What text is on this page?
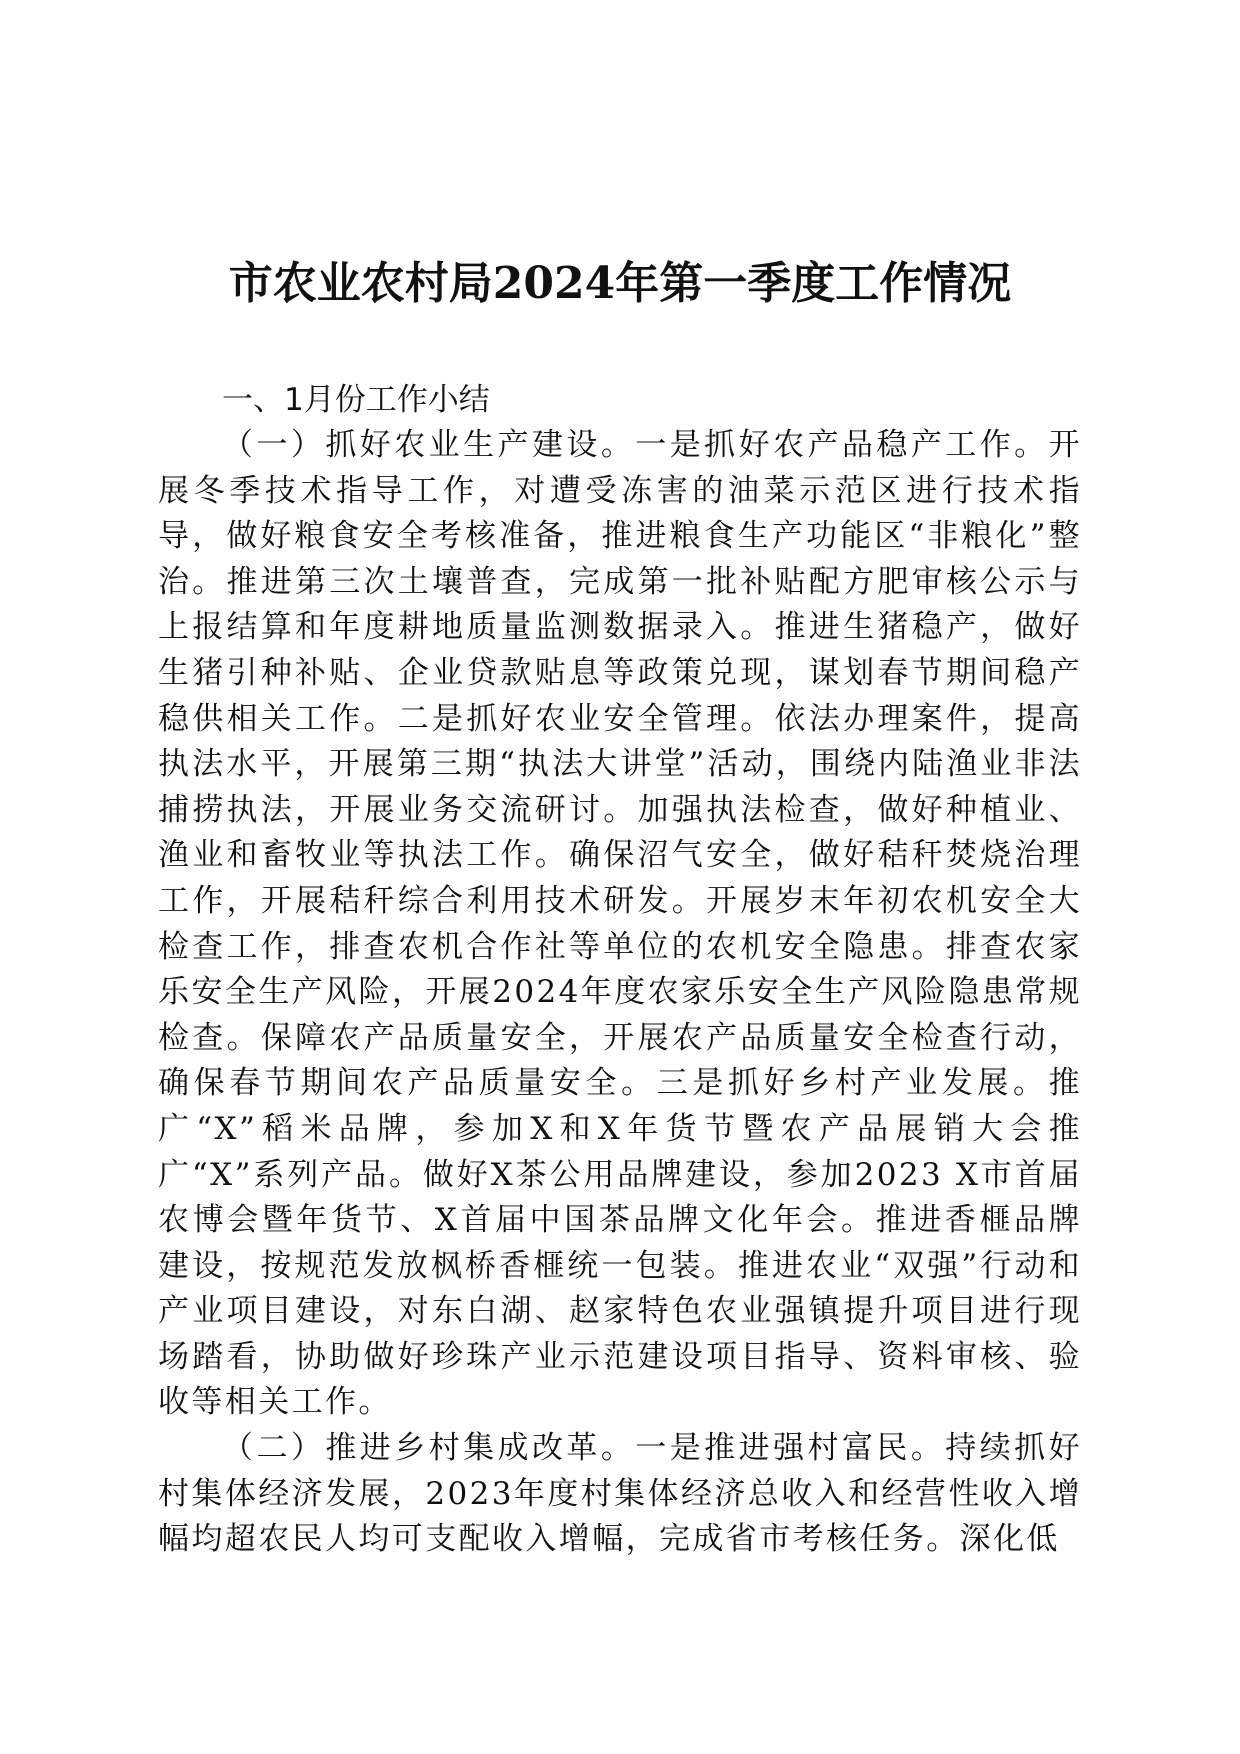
市农业农村局2024年第一季度工作情况
一、1月份工作小结

（一）抓好农业生产建设。一是抓好农产品稳产工作。开展冬季技术指导工作，对遭受冻害的油菜示范区进行技术指导，做好粮食安全考核准备，推进粮食生产功能区“非粮化”整治。推进第三次土壤普查，完成第一批补贴配方肥审核公示与上报结算和年度耕地质量监测数据录入。推进生猪稳产，做好生猪引种补贴、企业贷款贴息等政策兑现，谋划春节期间稳产稳供相关工作。二是抓好农业安全管理。依法办理案件，提高执法水平，开展第三期“执法大讲堂”活动，围绕内陆渔业非法捕捞执法，开展业务交流研讨。加强执法检查，做好种植业、渔业和畜牧业等执法工作。确保沼气安全，做好秸秆焚烧治理工作，开展秸秆综合利用技术研发。开展岁末年初农机安全大检查工作，排查农机合作社等单位的农机安全隐患。排查农家乐安全生产风险，开展2024年度农家乐安全生产风险隐患常规检查。保障农产品质量安全，开展农产品质量安全检查行动，确保春节期间农产品质量安全。三是抓好乡村产业发展。推广“X”稻米品牌，参加X和X年货节暨农产品展销大会推广“X”系列产品。做好X茶公用品牌建设，参加2023 X市首届农博会暨年货节、X首届中国茶品牌文化年会。推进香榧品牌建设，按规范发放枫桥香榧统一包装。推进农业“双强”行动和产业项目建设，对东白湖、赵家特色农业强镇提升项目进行现场踏看，协助做好珍珠产业示范建设项目指导、资料审核、验收等相关工作。

（二）推进乡村集成改革。一是推进强村富民。持续抓好村集体经济发展，2023年度村集体经济总收入和经营性收入增幅均超农民人均可支配收入增幅，完成省市考核任务。深化低
